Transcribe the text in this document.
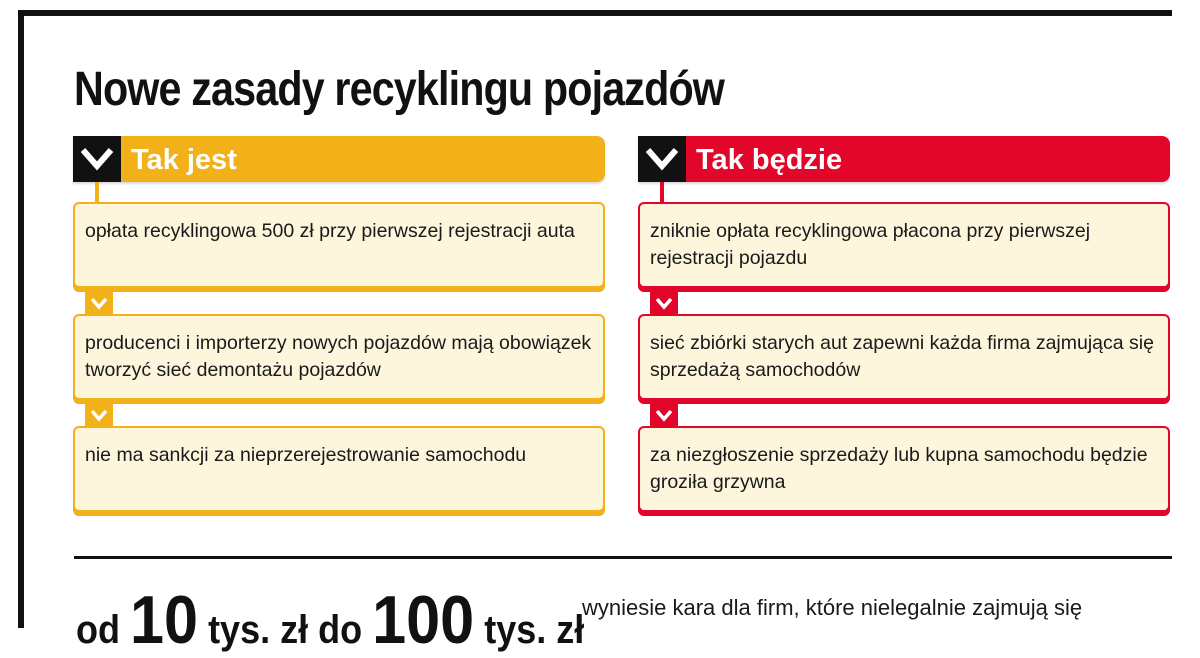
Nowe zasady recyklingu pojazdów
Tak jest
opłata recyklingowa 500 zł przy pierwszej rejestracji auta
producenci i importerzy nowych pojazdów mają obowiązek tworzyć sieć demontażu pojazdów
nie ma sankcji za nieprzerejestrowanie samochodu
Tak będzie
zniknie opłata recyklingowa płacona przy pierwszej rejestracji pojazdu
sieć zbiórki starych aut zapewni każda firma zajmująca się sprzedażą samochodów
za niezgłoszenie sprzedaży lub kupna samochodu będzie groziła grzywna

od 10 tys. zł do 100 tys. zł

wyniesie kara dla firm, które nielegalnie zajmują się
